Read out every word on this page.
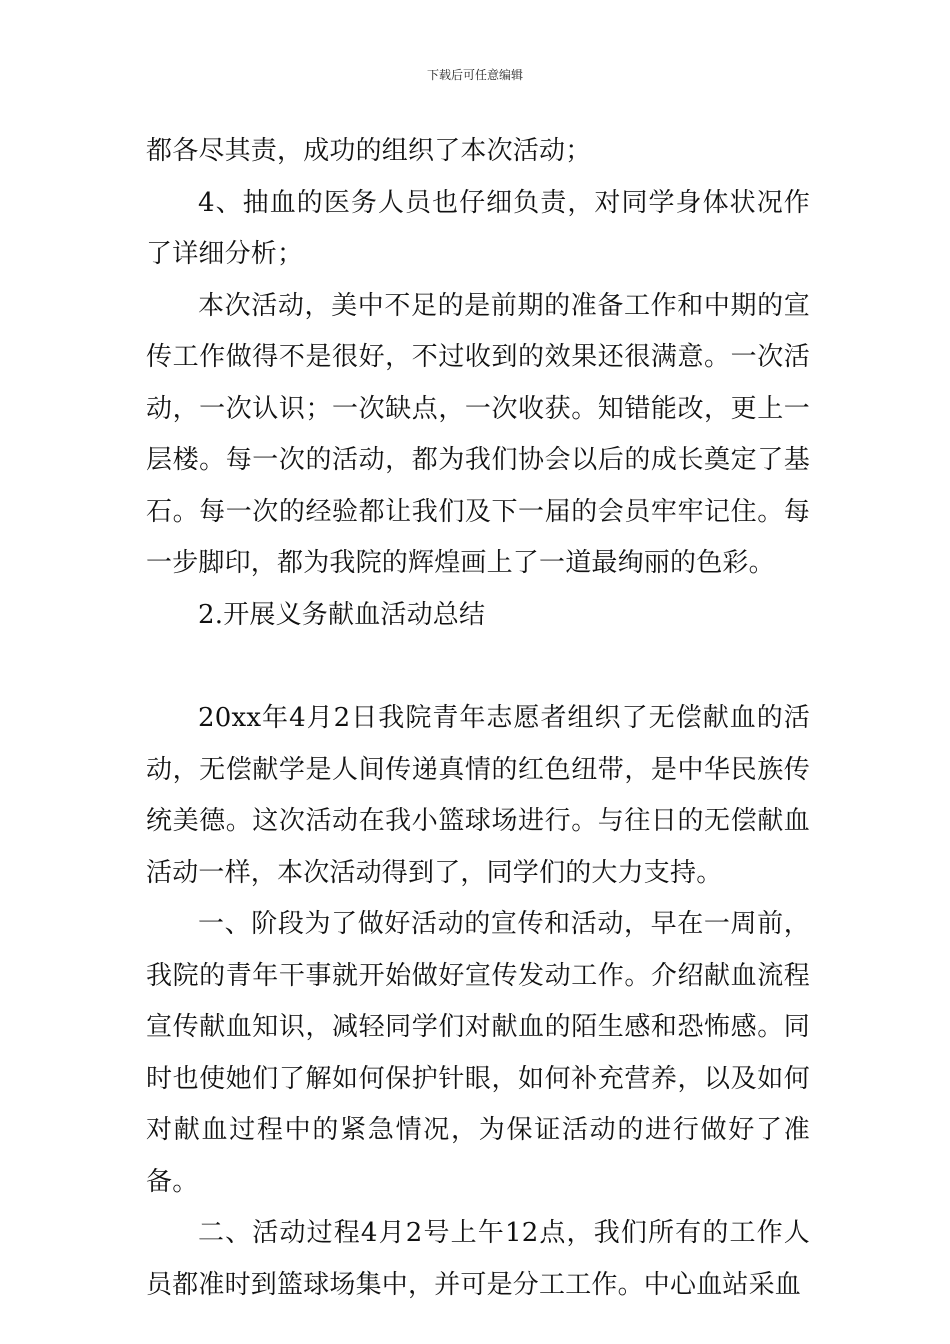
下载后可任意编辑

都各尽其责，成功的组织了本次活动；

4、抽血的医务人员也仔细负责，对同学身体状况作了详细分析；

本次活动，美中不足的是前期的准备工作和中期的宣传工作做得不是很好，不过收到的效果还很满意。一次活动，一次认识；一次缺点，一次收获。知错能改，更上一层楼。每一次的活动，都为我们协会以后的成长奠定了基石。每一次的经验都让我们及下一届的会员牢牢记住。每一步脚印，都为我院的辉煌画上了一道最绚丽的色彩。

2.开展义务献血活动总结

20xx年4月2日我院青年志愿者组织了无偿献血的活动，无偿献学是人间传递真情的红色纽带，是中华民族传统美德。这次活动在我小篮球场进行。与往日的无偿献血活动一样，本次活动得到了，同学们的大力支持。

一、阶段为了做好活动的宣传和活动，早在一周前，我院的青年干事就开始做好宣传发动工作。介绍献血流程宣传献血知识，减轻同学们对献血的陌生感和恐怖感。同时也使她们了解如何保护针眼，如何补充营养，以及如何对献血过程中的紧急情况，为保证活动的进行做好了准备。

二、活动过程4月2号上午12点，我们所有的工作人员都准时到篮球场集中，并可是分工工作。中心血站采血
